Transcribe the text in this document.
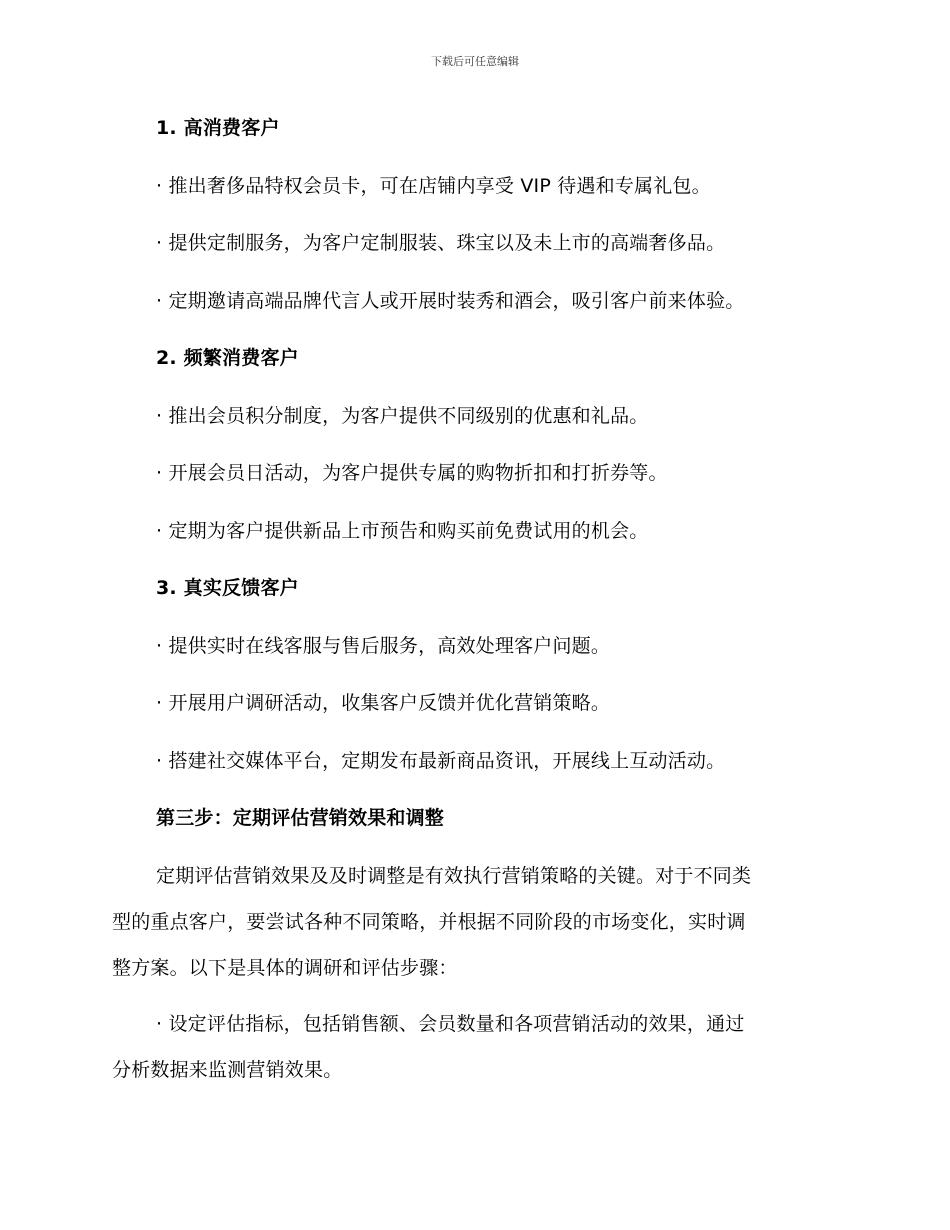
下载后可任意编辑
1. 高消费客户
· 推出奢侈品特权会员卡，可在店铺内享受 VIP 待遇和专属礼包。
· 提供定制服务，为客户定制服装、珠宝以及未上市的高端奢侈品。
· 定期邀请高端品牌代言人或开展时装秀和酒会，吸引客户前来体验。
2. 频繁消费客户
· 推出会员积分制度，为客户提供不同级别的优惠和礼品。
· 开展会员日活动，为客户提供专属的购物折扣和打折券等。
· 定期为客户提供新品上市预告和购买前免费试用的机会。
3. 真实反馈客户
· 提供实时在线客服与售后服务，高效处理客户问题。
· 开展用户调研活动，收集客户反馈并优化营销策略。
· 搭建社交媒体平台，定期发布最新商品资讯，开展线上互动活动。
第三步：定期评估营销效果和调整
定期评估营销效果及及时调整是有效执行营销策略的关键。对于不同类
型的重点客户，要尝试各种不同策略，并根据不同阶段的市场变化，实时调
整方案。以下是具体的调研和评估步骤：
· 设定评估指标，包括销售额、会员数量和各项营销活动的效果，通过
分析数据来监测营销效果。
